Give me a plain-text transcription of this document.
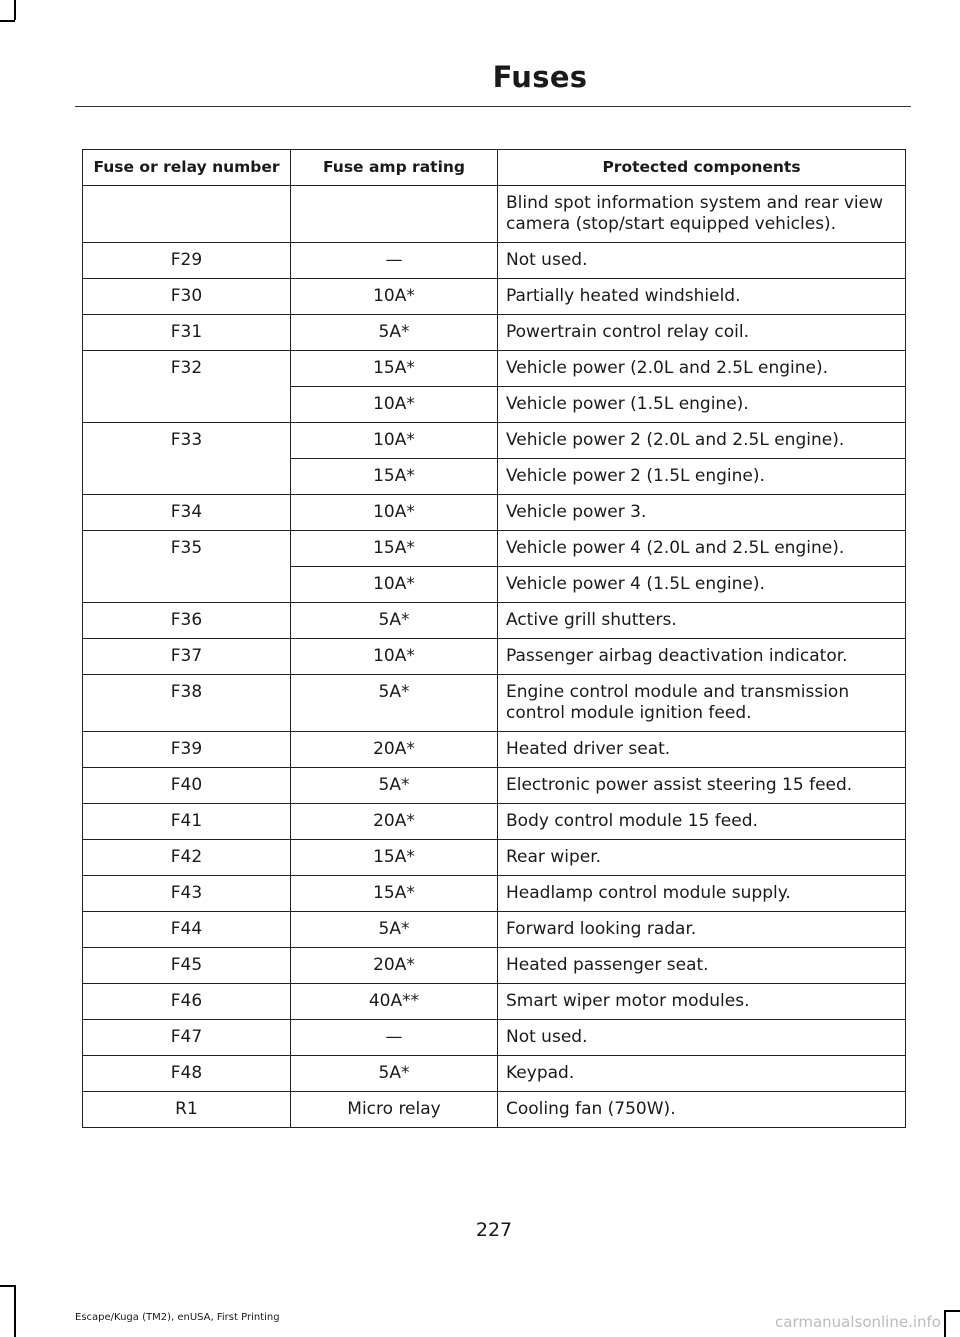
Fuses
Fuse or relay number	Fuse amp rating	Protected components
		Blind spot information system and rear view camera (stop/start equipped vehicles).
F29	—	Not used.
F30	10A*	Partially heated windshield.
F31	5A*	Powertrain control relay coil.
F32	15A*	Vehicle power (2.0L and 2.5L engine).
	10A*	Vehicle power (1.5L engine).
F33	10A*	Vehicle power 2 (2.0L and 2.5L engine).
	15A*	Vehicle power 2 (1.5L engine).
F34	10A*	Vehicle power 3.
F35	15A*	Vehicle power 4 (2.0L and 2.5L engine).
	10A*	Vehicle power 4 (1.5L engine).
F36	5A*	Active grill shutters.
F37	10A*	Passenger airbag deactivation indicator.
F38	5A*	Engine control module and transmission control module ignition feed.
F39	20A*	Heated driver seat.
F40	5A*	Electronic power assist steering 15 feed.
F41	20A*	Body control module 15 feed.
F42	15A*	Rear wiper.
F43	15A*	Headlamp control module supply.
F44	5A*	Forward looking radar.
F45	20A*	Heated passenger seat.
F46	40A**	Smart wiper motor modules.
F47	—	Not used.
F48	5A*	Keypad.
R1	Micro relay	Cooling fan (750W).
227
Escape/Kuga (TM2), enUSA, First Printing	carmanualsonline.info
